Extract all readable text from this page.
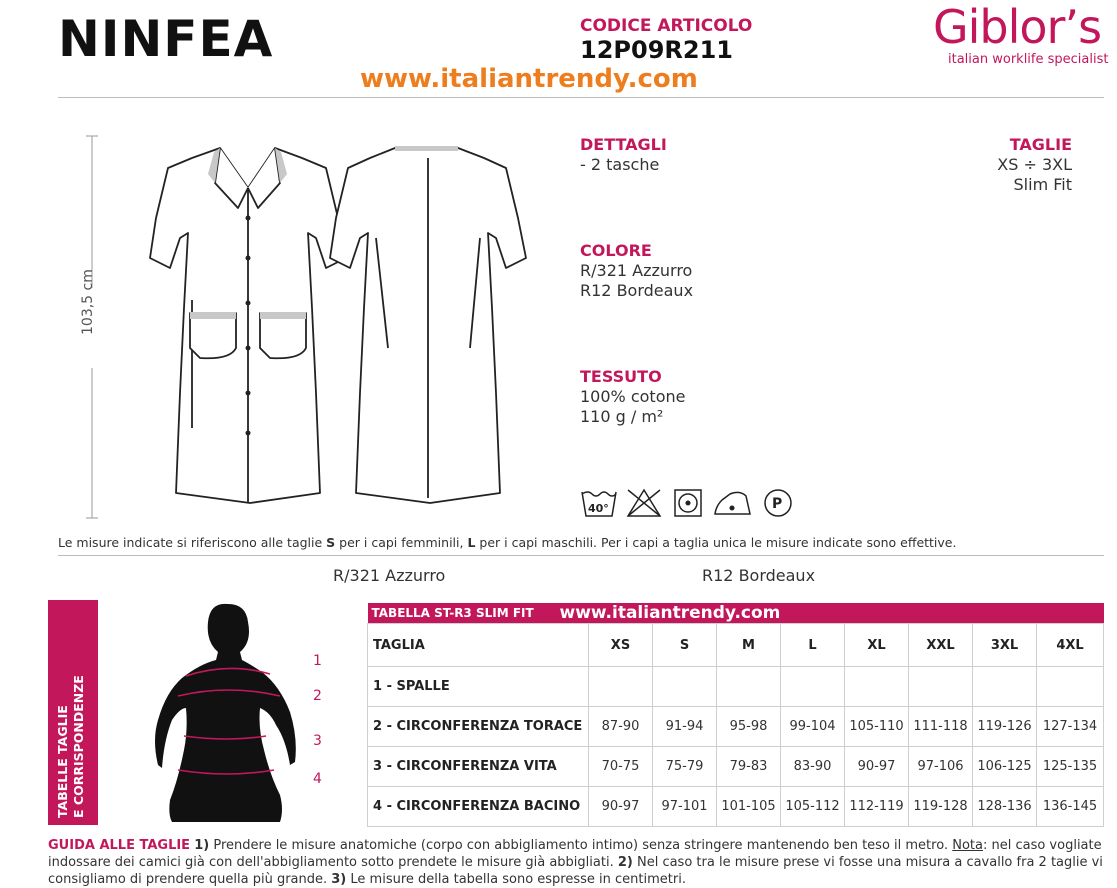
NINFEA	CODICE ARTICOLO
12P09R211
www.italiantrendy.com
Giblor’s
italian worklife specialist
103,5 cm
DETTAGLI
- 2 tasche
COLORE
R/321 Azzurro
R12 Bordeaux
TESSUTO
100% cotone
110 g / m²
TAGLIE
XS ÷ 3XL
Slim Fit
40°	P
Le misure indicate si riferiscono alle taglie S per i capi femminili, L per i capi maschili. Per i capi a taglia unica le misure indicate sono effettive.
R/321 Azzurro	R12 Bordeaux
TABELLE TAGLIE E CORRISPONDENZE
1
2
3
4
TABELLA ST-R3 SLIM FIT www.italiantrendy.com								

TAGLIA	XS	S	M	L	XL	XXL	3XL	4XL
1 - SPALLE								
2 - CIRCONFERENZA TORACE	87-90	91-94	95-98	99-104	105-110	111-118	119-126	127-134
3 - CIRCONFERENZA VITA	70-75	75-79	79-83	83-90	90-97	97-106	106-125	125-135
4 - CIRCONFERENZA BACINO	90-97	97-101	101-105	105-112	112-119	119-128	128-136	136-145
GUIDA ALLE TAGLIE 1) Prendere le misure anatomiche (corpo con abbigliamento intimo) senza stringere mantenendo ben teso il metro. Nota: nel caso vogliate indossare dei camici già con dell'abbigliamento sotto prendete le misure già abbigliati. 2) Nel caso tra le misure prese vi fosse una misura a cavallo fra 2 taglie vi consigliamo di prendere quella più grande. 3) Le misure della tabella sono espresse in centimetri.
